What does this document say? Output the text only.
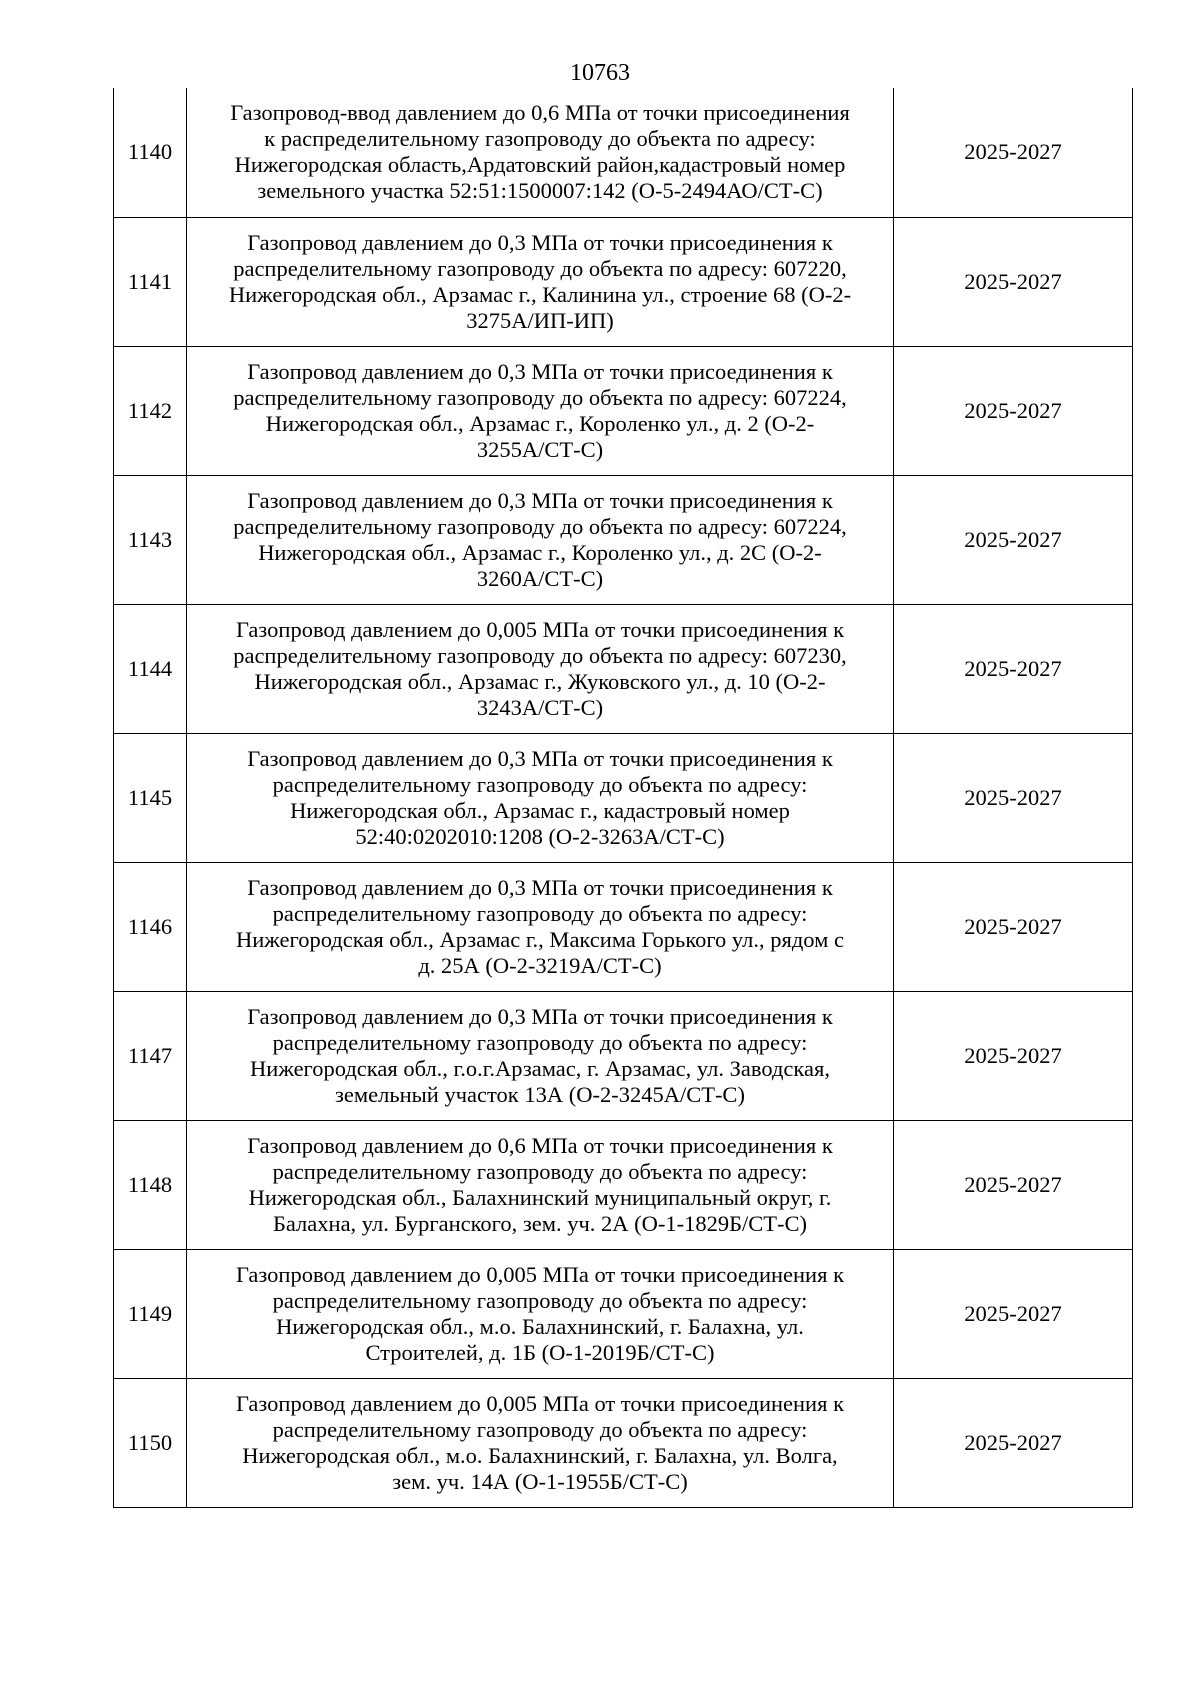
10763
1140	Газопровод-ввод давлением до 0,6 МПа от точки присоединения
к распределительному газопроводу до объекта по адресу:
Нижегородская область,Ардатовский район,кадастровый номер
земельного участка 52:51:1500007:142 (О-5-2494АО/СТ-С)	2025-2027
1141	Газопровод давлением до 0,3 МПа от точки присоединения к
распределительному газопроводу до объекта по адресу: 607220,
Нижегородская обл., Арзамас г., Калинина ул., строение 68 (О-2-
3275А/ИП-ИП)	2025-2027
1142	Газопровод давлением до 0,3 МПа от точки присоединения к
распределительному газопроводу до объекта по адресу: 607224,
Нижегородская обл., Арзамас г., Короленко ул., д. 2 (О-2-
3255А/СТ-С)	2025-2027
1143	Газопровод давлением до 0,3 МПа от точки присоединения к
распределительному газопроводу до объекта по адресу: 607224,
Нижегородская обл., Арзамас г., Короленко ул., д. 2С (О-2-
3260А/СТ-С)	2025-2027
1144	Газопровод давлением до 0,005 МПа от точки присоединения к
распределительному газопроводу до объекта по адресу: 607230,
Нижегородская обл., Арзамас г., Жуковского ул., д. 10 (О-2-
3243А/СТ-С)	2025-2027
1145	Газопровод давлением до 0,3 МПа от точки присоединения к
распределительному газопроводу до объекта по адресу:
Нижегородская обл., Арзамас г., кадастровый номер
52:40:0202010:1208 (О-2-3263А/СТ-С)	2025-2027
1146	Газопровод давлением до 0,3 МПа от точки присоединения к
распределительному газопроводу до объекта по адресу:
Нижегородская обл., Арзамас г., Максима Горького ул., рядом с
д. 25А (О-2-3219А/СТ-С)	2025-2027
1147	Газопровод давлением до 0,3 МПа от точки присоединения к
распределительному газопроводу до объекта по адресу:
Нижегородская обл., г.о.г.Арзамас, г. Арзамас, ул. Заводская,
земельный участок 13А (О-2-3245А/СТ-С)	2025-2027
1148	Газопровод давлением до 0,6 МПа от точки присоединения к
распределительному газопроводу до объекта по адресу:
Нижегородская обл., Балахнинский муниципальный округ, г.
Балахна, ул. Бурганского, зем. уч. 2А (О-1-1829Б/СТ-С)	2025-2027
1149	Газопровод давлением до 0,005 МПа от точки присоединения к
распределительному газопроводу до объекта по адресу:
Нижегородская обл., м.о. Балахнинский, г. Балахна, ул.
Строителей, д. 1Б (О-1-2019Б/СТ-С)	2025-2027
1150	Газопровод давлением до 0,005 МПа от точки присоединения к
распределительному газопроводу до объекта по адресу:
Нижегородская обл., м.о. Балахнинский, г. Балахна, ул. Волга,
зем. уч. 14А (О-1-1955Б/СТ-С)	2025-2027
